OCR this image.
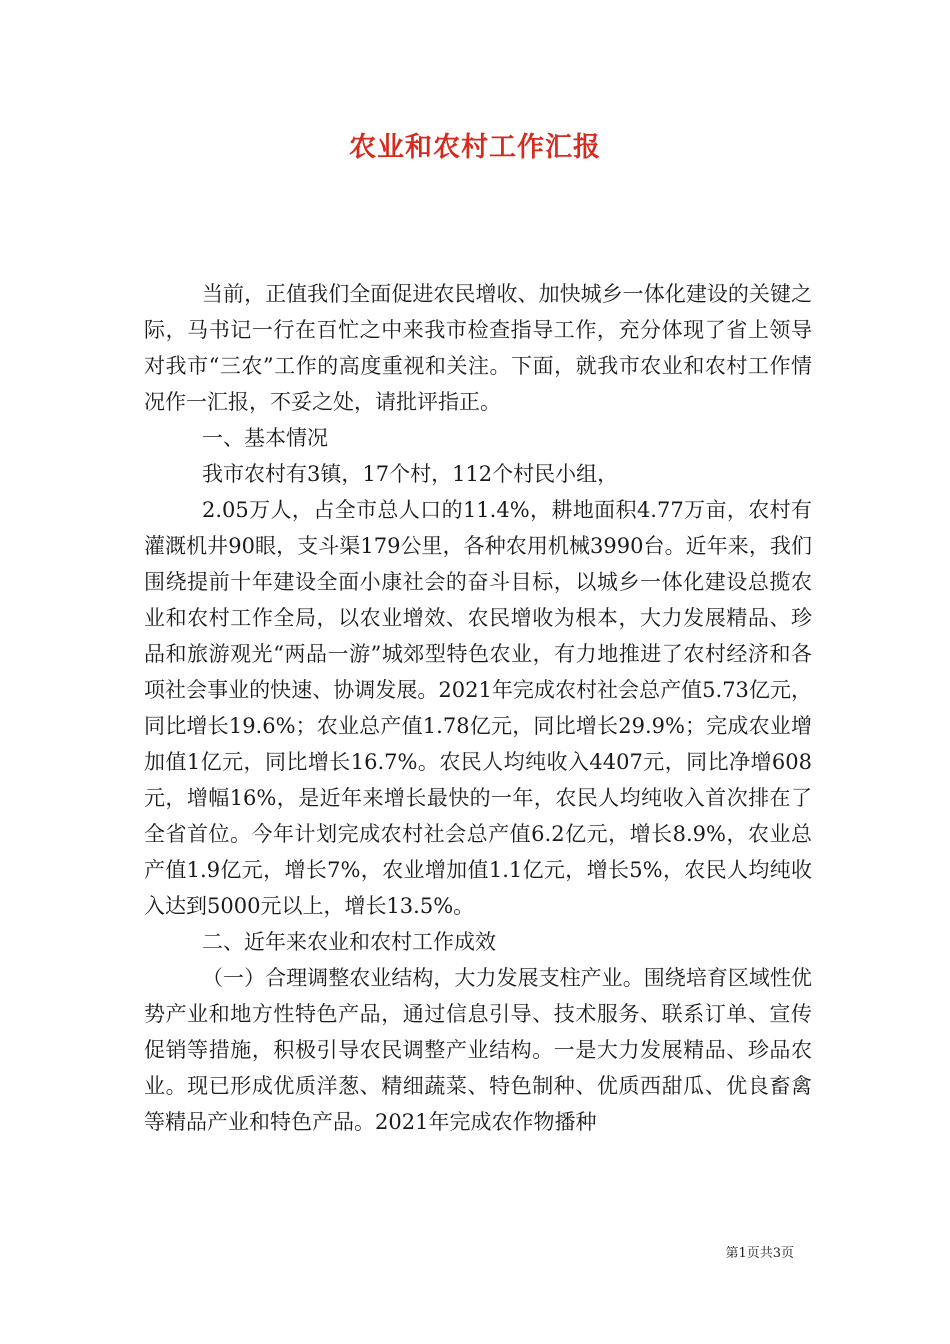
农业和农村工作汇报

当前，正值我们全面促进农民增收、加快城乡一体化建设的关键之际，马书记一行在百忙之中来我市检查指导工作，充分体现了省上领导对我市“三农”工作的高度重视和关注。下面，就我市农业和农村工作情况作一汇报，不妥之处，请批评指正。

一、基本情况

我市农村有3镇，17个村，112个村民小组，

2.05万人，占全市总人口的11.4%，耕地面积4.77万亩，农村有灌溉机井90眼，支斗渠179公里，各种农用机械3990台。近年来，我们围绕提前十年建设全面小康社会的奋斗目标，以城乡一体化建设总揽农业和农村工作全局，以农业增效、农民增收为根本，大力发展精品、珍品和旅游观光“两品一游”城郊型特色农业，有力地推进了农村经济和各项社会事业的快速、协调发展。2021年完成农村社会总产值5.73亿元，同比增长19.6%；农业总产值1.78亿元，同比增长29.9%；完成农业增加值1亿元，同比增长16.7%。农民人均纯收入4407元，同比净增608元，增幅16%，是近年来增长最快的一年，农民人均纯收入首次排在了全省首位。今年计划完成农村社会总产值6.2亿元，增长8.9%，农业总产值1.9亿元，增长7%，农业增加值1.1亿元，增长5%，农民人均纯收入达到5000元以上，增长13.5%。

二、近年来农业和农村工作成效

（一）合理调整农业结构，大力发展支柱产业。围绕培育区域性优势产业和地方性特色产品，通过信息引导、技术服务、联系订单、宣传促销等措施，积极引导农民调整产业结构。一是大力发展精品、珍品农业。现已形成优质洋葱、精细蔬菜、特色制种、优质西甜瓜、优良畜禽等精品产业和特色产品。2021年完成农作物播种

第1页共3页
